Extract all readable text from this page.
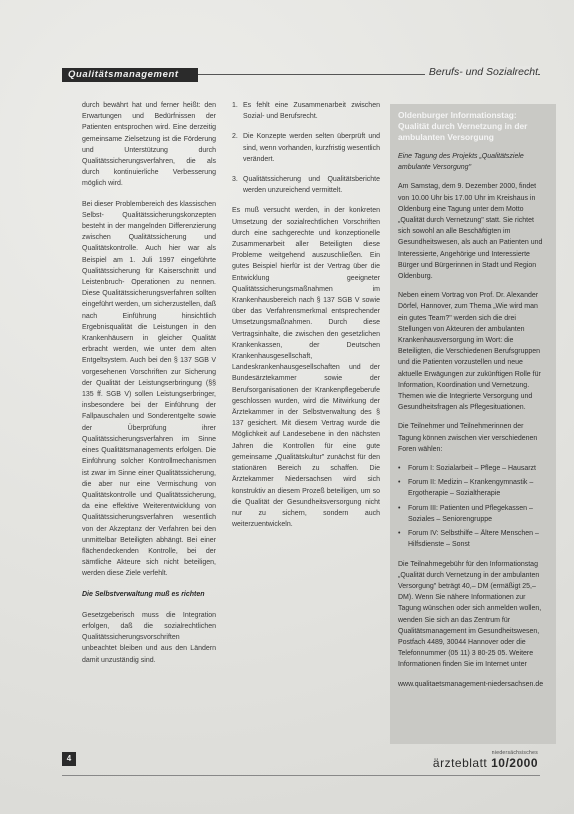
Qualitätsmanagement	Berufs- und Sozialrecht

durch bewährt hat und ferner heißt: den Erwartungen und Bedürfnissen der Patienten entsprochen wird. Eine derzeitig gemeinsame Zielsetzung ist die Förderung und Unterstützung durch Qualitätssicherungsverfahren, die als durch kontinuierliche Verbesserung möglich wird.

Bei dieser Problembereich des klassischen Selbst- Qualitätssicherungskonzepten besteht in der mangelnden Differenzierung zwischen Qualitätssicherung und Qualitätskontrolle. Auch hier war als Beispiel am 1. Juli 1997 eingeführte Qualitätssicherung für Kaiserschnitt und Leistenbruch- Operationen zu nennen. Diese Qualitätssicherungsverfahren sollten eingeführt werden, um sicherzustellen, daß nach Einführung hinsichtlich Ergebnisqualität die Leistungen in den Krankenhäusern in gleicher Qualität erbracht werden, wie unter dem alten Entgeltsystem. Auch bei den § 137 SGB V vorgesehenen Vorschriften zur Sicherung der Qualität der Leistungserbringung (§§ 135 ff. SGB V) sollen Leistungserbringer, insbesondere bei der Einführung der Fallpauschalen und Sonderentgelte sowie der Überprüfung ihrer Qualitätssicherungsverfahren im Sinne eines Qualitätsmanagements erfolgen. Die Einführung solcher Kontrollmechanismen ist zwar im Sinne einer Qualitätssicherung, die aber nur eine Vermischung von Qualitätskontrolle und Qualitätssicherung, da eine effektive Weiterentwicklung von Qualitätssicherungsverfahren wesentlich von der Akzeptanz der Verfahren bei den unmittelbar Beteiligten abhängt. Bei einer flächendeckenden Kontrolle, bei der sämtliche Akteure sich nicht beteiligen, werden diese Ziele verfehlt.

Die Selbstverwaltung muß es richten

Gesetzgeberisch muss die Integration erfolgen, daß die sozialrechtlichen Qualitätssicherungsvorschriften unbeachtet bleiben und aus den Ländern damit unzuständig sind.

1. Es fehlt eine Zusammenarbeit zwischen Sozial- und Berufsrecht.
2. Die Konzepte werden selten überprüft und sind, wenn vorhanden, kurzfristig wesentlich verändert.
3. Qualitätssicherung und Qualitätsberichte werden unzureichend vermittelt.

Es muß versucht werden, in der konkreten Umsetzung der sozialrechtlichen Vorschriften durch eine sachgerechte und konzeptionelle Zusammenarbeit aller Beteiligten diese Probleme weitgehend auszuschließen. Ein gutes Beispiel hierfür ist der Vertrag über die Entwicklung geeigneter Qualitätssicherungsmaßnahmen im Krankenhausbereich nach § 137 SGB V sowie über das Verfahrensmerkmal entsprechender Umsetzungsmaßnahmen. Durch diese Vertragsinhalte, die zwischen den gesetzlichen Krankenkassen, der Deutschen Krankenhausgesellschaft, Landeskrankenhausgesellschaften und der Bundesärztekammer sowie der Berufsorganisationen der Krankenpflegeberufe geschlossen wurden, wird die Mitwirkung der Ärztekammer in der Selbstverwaltung des § 137 gesichert. Mit diesem Vertrag wurde die Möglichkeit auf Landesebene in den nächsten Jahren die Kontrollen für eine gute gemeinsame „Qualitätskultur" zunächst für den stationären Bereich zu schaffen. Die Ärztekammer Niedersachsen wird sich konstruktiv an diesem Prozeß beteiligen, um so die Qualität der Gesundheitsversorgung nicht nur zu sichern, sondern auch weiterzuentwickeln.

Oldenburger Informationstag: Qualität durch Vernetzung in der ambulanten Versorgung

Eine Tagung des Projekts „Qualitätsziele ambulante Versorgung"

Am Samstag, dem 9. Dezember 2000, findet von 10.00 Uhr bis 17.00 Uhr im Kreishaus in Oldenburg eine Tagung unter dem Motto „Qualität durch Vernetzung" statt. Sie richtet sich sowohl an alle Beschäftigten im Gesundheitswesen, als auch an Patienten und Interessierte, Angehörige und Interessierte Bürger und Bürgerinnen in Stadt und Region Oldenburg.

Neben einem Vortrag von Prof. Dr. Alexander Dörfel, Hannover, zum Thema „Wie wird man ein gutes Team?" werden sich die drei Stellungen von Akteuren der ambulanten Krankenhausversorgung im Wort: die Beteiligten, die Verschiedenen Berufsgruppen und die Patienten vorzustellen und neue aktuelle Erwägungen zur zukünftigen Rolle für Information, Koordination und Vernetzung. Themen wie die Integrierte Versorgung und Gesundheitsfragen als Pflegesituationen.

Die Teilnehmer und Teilnehmerinnen der Tagung können zwischen vier verschiedenen Foren wählen:

• Forum I: Sozialarbeit – Pflege – Hausarzt
• Forum II: Medizin – Krankengymnastik – Ergotherapie – Sozialtherapie
• Forum III: Patienten und Pflegekassen – Soziales – Seniorengruppe
• Forum IV: Selbsthilfe – Ältere Menschen – Hilfsdienste – Sonst

Die Teilnahmegebühr für den Informationstag „Qualität durch Vernetzung in der ambulanten Versorgung" beträgt 40,– DM (ermäßigt 25,– DM). Wenn Sie nähere Informationen zur Tagung wünschen oder sich anmelden wollen, wenden Sie sich an das Zentrum für Qualitätsmanagement im Gesundheitswesen, Postfach 4489, 30044 Hannover oder die Telefonnummer (05 11) 3 80-25 05. Weitere Informationen finden Sie im Internet unter

www.qualitaetsmanagement-niedersachsen.de

4
niedersächsisches
ärzteblatt 10/2000
